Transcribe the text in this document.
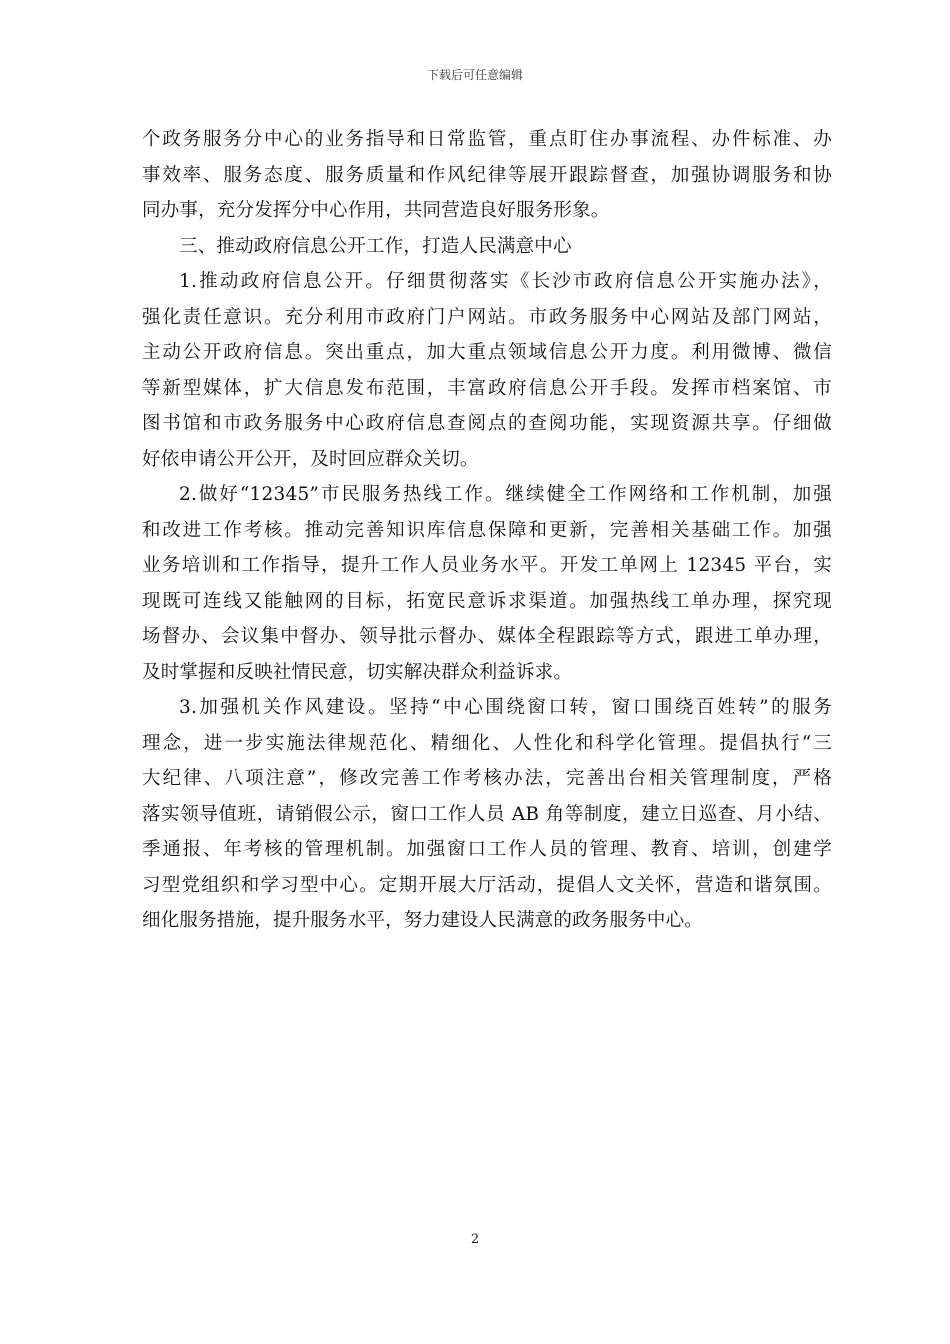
下载后可任意编辑
个政务服务分中心的业务指导和日常监管，重点盯住办事流程、办件标准、办
事效率、服务态度、服务质量和作风纪律等展开跟踪督查，加强协调服务和协
同办事，充分发挥分中心作用，共同营造良好服务形象。
三、推动政府信息公开工作，打造人民满意中心
1.推动政府信息公开。仔细贯彻落实《长沙市政府信息公开实施办法》，
强化责任意识。充分利用市政府门户网站。市政务服务中心网站及部门网站，
主动公开政府信息。突出重点，加大重点领域信息公开力度。利用微博、微信
等新型媒体，扩大信息发布范围，丰富政府信息公开手段。发挥市档案馆、市
图书馆和市政务服务中心政府信息查阅点的查阅功能，实现资源共享。仔细做
好依申请公开公开，及时回应群众关切。
2.做好“12345”市民服务热线工作。继续健全工作网络和工作机制，加强
和改进工作考核。推动完善知识库信息保障和更新，完善相关基础工作。加强
业务培训和工作指导，提升工作人员业务水平。开发工单网上 12345 平台，实
现既可连线又能触网的目标，拓宽民意诉求渠道。加强热线工单办理，探究现
场督办、会议集中督办、领导批示督办、媒体全程跟踪等方式，跟进工单办理，
及时掌握和反映社情民意，切实解决群众利益诉求。
3.加强机关作风建设。坚持“中心围绕窗口转，窗口围绕百姓转”的服务
理念，进一步实施法律规范化、精细化、人性化和科学化管理。提倡执行“三
大纪律、八项注意”，修改完善工作考核办法，完善出台相关管理制度，严格
落实领导值班，请销假公示，窗口工作人员 AB 角等制度，建立日巡查、月小结、
季通报、年考核的管理机制。加强窗口工作人员的管理、教育、培训，创建学
习型党组织和学习型中心。定期开展大厅活动，提倡人文关怀，营造和谐氛围。
细化服务措施，提升服务水平，努力建设人民满意的政务服务中心。
2
